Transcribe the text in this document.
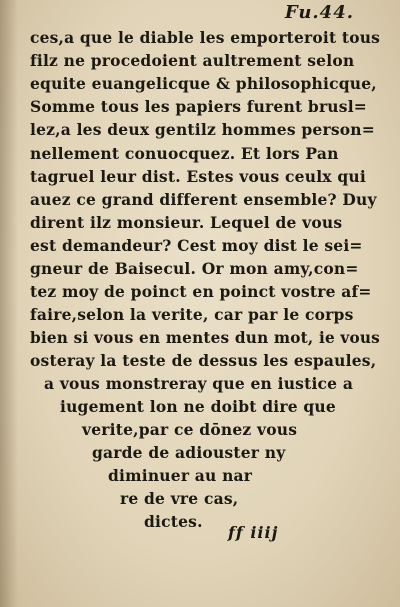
Fu.44.
ces,a que le diable les emporteroit tous
filz ne procedoient aultrement selon
equite euangelicque & philosophicque,
Somme tous les papiers furent brusl=
lez,a les deux gentilz hommes person=
nellement conuocquez. Et lors Pan
tagruel leur dist. Estes vous ceulx qui
auez ce grand different ensemble? Duy
dirent ilz monsieur. Lequel de vous
est demandeur? Cest moy dist le sei=
gneur de Baisecul. Or mon amy,con=
tez moy de poinct en poinct vostre af=
faire,selon la verite, car par le corps
bien si vous en mentes dun mot, ie vous
osteray la teste de dessus les espaules,
a vous monstreray que en iustice a
iugement lon ne doibt dire que
verite,par ce dōnez vous
garde de adiouster ny
diminuer au nar
re de vre cas,
dictes.
ff iiij
